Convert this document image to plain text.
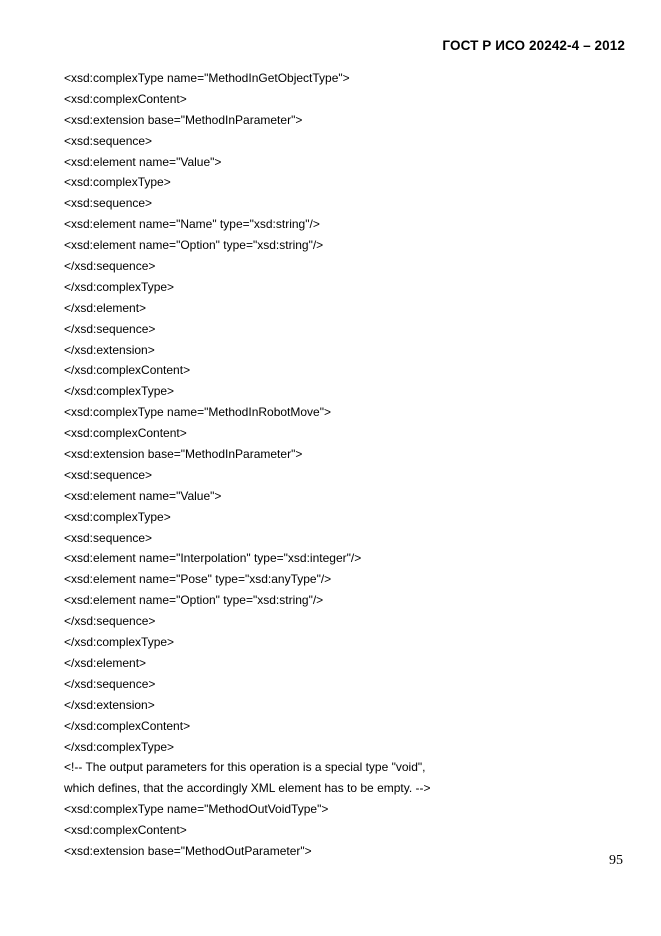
ГОСТ Р ИСО 20242-4 – 2012
<xsd:complexType name="MethodInGetObjectType">
<xsd:complexContent>
<xsd:extension base="MethodInParameter">
<xsd:sequence>
<xsd:element name="Value">
<xsd:complexType>
<xsd:sequence>
<xsd:element name="Name" type="xsd:string"/>
<xsd:element name="Option" type="xsd:string"/>
</xsd:sequence>
</xsd:complexType>
</xsd:element>
</xsd:sequence>
</xsd:extension>
</xsd:complexContent>
</xsd:complexType>
<xsd:complexType name="MethodInRobotMove">
<xsd:complexContent>
<xsd:extension base="MethodInParameter">
<xsd:sequence>
<xsd:element name="Value">
<xsd:complexType>
<xsd:sequence>
<xsd:element name="Interpolation" type="xsd:integer"/>
<xsd:element name="Pose" type="xsd:anyType"/>
<xsd:element name="Option" type="xsd:string"/>
</xsd:sequence>
</xsd:complexType>
</xsd:element>
</xsd:sequence>
</xsd:extension>
</xsd:complexContent>
</xsd:complexType>
<!-- The output parameters for this operation is a special type "void",
which defines, that the accordingly XML element has to be empty. -->
<xsd:complexType name="MethodOutVoidType">
<xsd:complexContent>
<xsd:extension base="MethodOutParameter">
95
